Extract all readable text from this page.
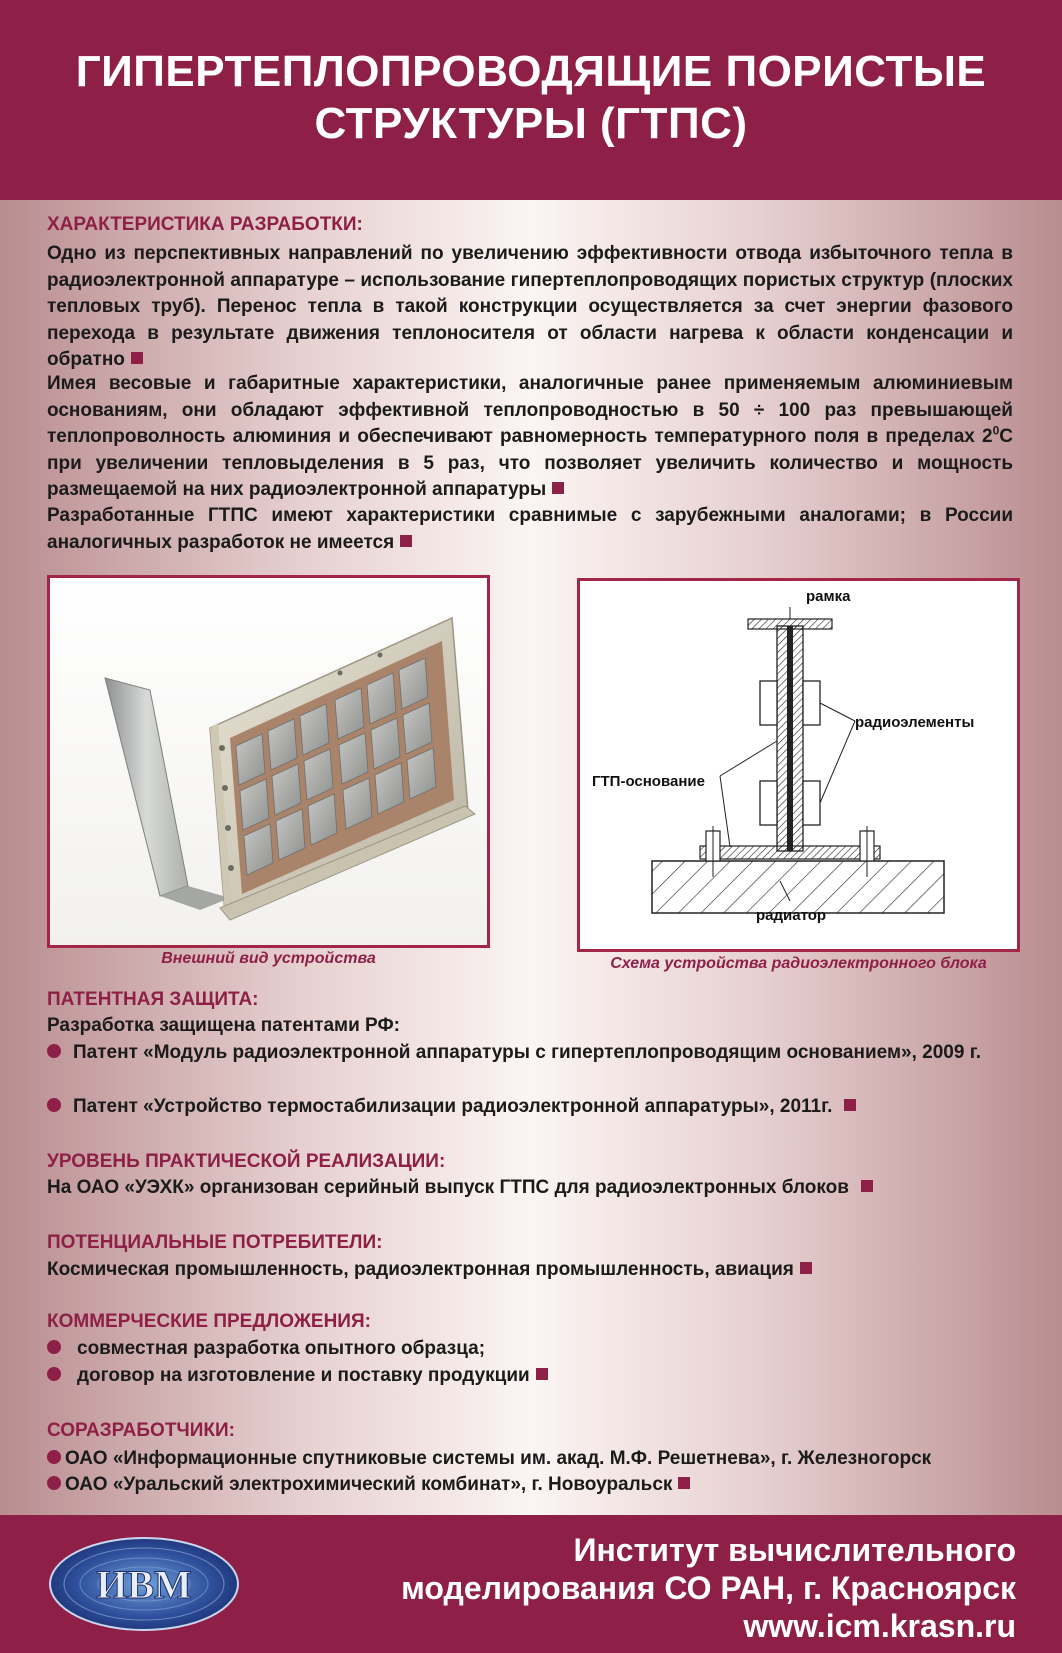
ГИПЕРТЕПЛОПРОВОДЯЩИЕ ПОРИСТЫЕ
СТРУКТУРЫ (ГТПС)
ХАРАКТЕРИСТИКА РАЗРАБОТКИ:

Одно из перспективных направлений по увеличению эффективности отвода избыточного тепла в радиоэлектронной аппаратуре – использование гипертеплопроводящих пористых структур (плоских тепловых труб). Перенос тепла в такой конструкции осуществляется за счет энергии фазового перехода в результате движения теплоносителя от области нагрева к области конденсации и обратно

Имея весовые и габаритные характеристики, аналогичные ранее применяемым алюминиевым основаниям, они обладают эффективной теплопроводностью в 50 ÷ 100 раз превышающей теплопроволность алюминия и обеспечивают равномерность температурного поля в пределах $2^0С$ при увеличении тепловыделения в 5 раз, что позволяет увеличить количество и мощность размещаемой на них радиоэлектронной аппаратуры

Разработанные ГТПС имеют характеристики сравнимые с зарубежными аналогами; в России аналогичных разработок не имеется

Внешний вид устройства
рамка
радиоэлементы
ГТП-основание
радиатор
Схема устройства радиоэлектронного блока
ПАТЕНТНАЯ ЗАЩИТА:

Разработка защищена патентами РФ:

Патент «Модуль радиоэлектронной аппаратуры с гипертеплопроводящим основанием», 2009 г.

Патент «Устройство термостабилизации радиоэлектронной аппаратуры», 2011г.

УРОВЕНЬ ПРАКТИЧЕСКОЙ РЕАЛИЗАЦИИ:

На ОАО «УЭХК» организован серийный выпуск ГТПС для радиоэлектронных блоков

ПОТЕНЦИАЛЬНЫЕ ПОТРЕБИТЕЛИ:

Космическая промышленность, радиоэлектронная промышленность, авиация

КОММЕРЧЕСКИЕ ПРЕДЛОЖЕНИЯ:

совместная разработка опытного образца;

договор на изготовление и поставку продукции

СОРАЗРАБОТЧИКИ:

ОАО «Информационные спутниковые системы им. акад. М.Ф. Решетнева», г. Железногорск

ОАО «Уральский электрохимический комбинат», г. Новоуральск

ИВМ
Институт вычислительного
моделирования СО РАН, г. Красноярск
www.icm.krasn.ru
